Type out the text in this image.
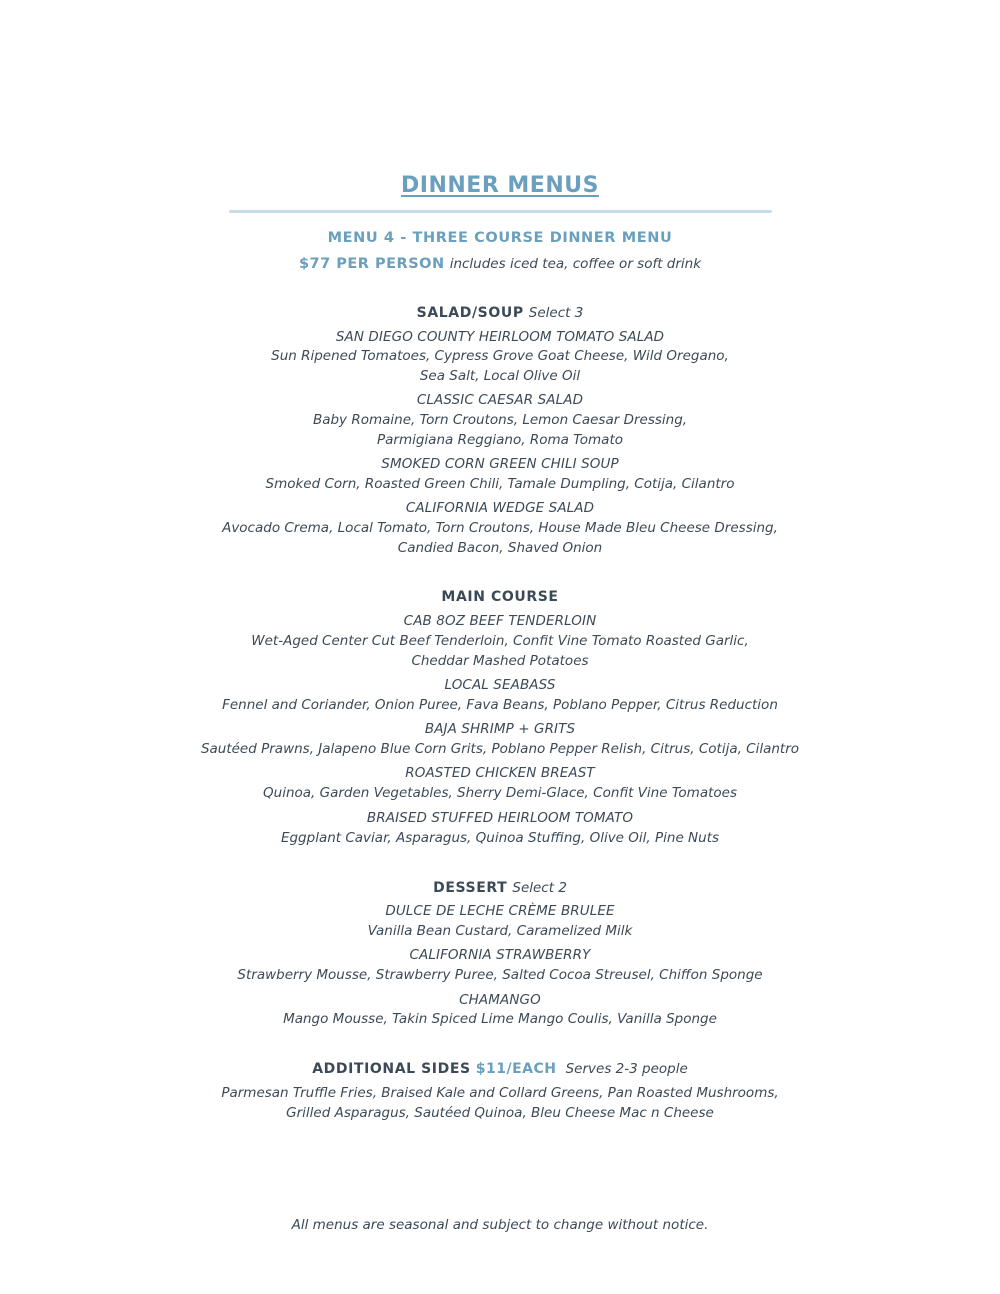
DINNER MENUS
MENU 4 - THREE COURSE DINNER MENU
$77 PER PERSON includes iced tea, coffee or soft drink
SALAD/SOUP Select 3
SAN DIEGO COUNTY HEIRLOOM TOMATO SALAD
Sun Ripened Tomatoes, Cypress Grove Goat Cheese, Wild Oregano,
Sea Salt, Local Olive Oil
CLASSIC CAESAR SALAD
Baby Romaine, Torn Croutons, Lemon Caesar Dressing,
Parmigiana Reggiano, Roma Tomato
SMOKED CORN GREEN CHILI SOUP
Smoked Corn, Roasted Green Chili, Tamale Dumpling, Cotija, Cilantro
CALIFORNIA WEDGE SALAD
Avocado Crema, Local Tomato, Torn Croutons, House Made Bleu Cheese Dressing,
Candied Bacon, Shaved Onion
MAIN COURSE
CAB 8OZ BEEF TENDERLOIN
Wet-Aged Center Cut Beef Tenderloin, Confit Vine Tomato Roasted Garlic,
Cheddar Mashed Potatoes
LOCAL SEABASS
Fennel and Coriander, Onion Puree, Fava Beans, Poblano Pepper, Citrus Reduction
BAJA SHRIMP + GRITS
Sautéed Prawns, Jalapeno Blue Corn Grits, Poblano Pepper Relish, Citrus, Cotija, Cilantro
ROASTED CHICKEN BREAST
Quinoa, Garden Vegetables, Sherry Demi-Glace, Confit Vine Tomatoes
BRAISED STUFFED HEIRLOOM TOMATO
Eggplant Caviar, Asparagus, Quinoa Stuffing, Olive Oil, Pine Nuts
DESSERT Select 2
DULCE DE LECHE CRÈME BRULEE
Vanilla Bean Custard, Caramelized Milk
CALIFORNIA STRAWBERRY
Strawberry Mousse, Strawberry Puree, Salted Cocoa Streusel, Chiffon Sponge
CHAMANGO
Mango Mousse, Takin Spiced Lime Mango Coulis, Vanilla Sponge
ADDITIONAL SIDES $11/EACH Serves 2-3 people
Parmesan Truffle Fries, Braised Kale and Collard Greens, Pan Roasted Mushrooms,
Grilled Asparagus, Sautéed Quinoa, Bleu Cheese Mac n Cheese
All menus are seasonal and subject to change without notice.
